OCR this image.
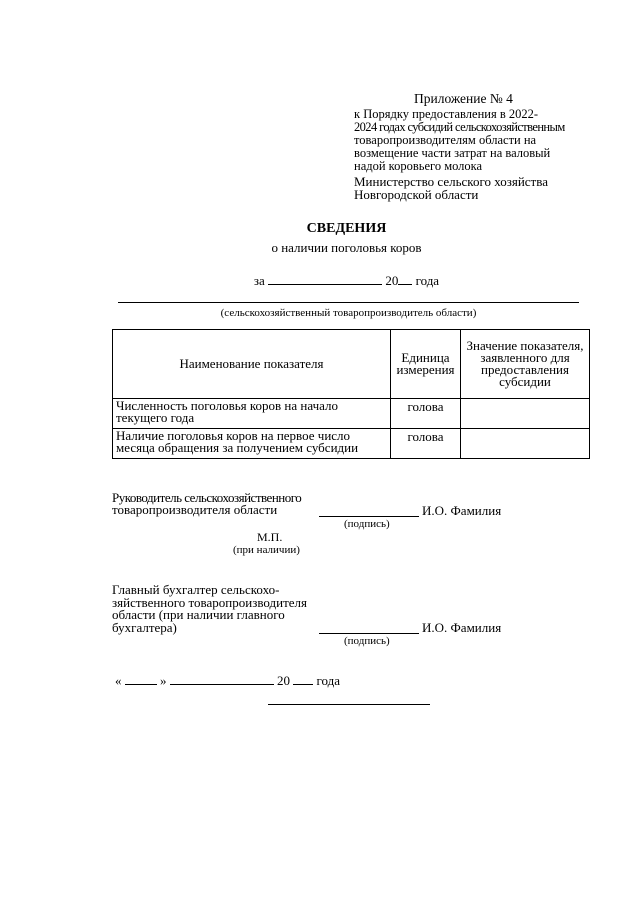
Приложение № 4
к Порядку предоставления в 2022-
2024 годах субсидий сельскохозяйственным
товаропроизводителям области на
возмещение части затрат на валовый
надой коровьего молока
Министерство сельского хозяйства
Новгородской области
СВЕДЕНИЯ
о наличии поголовья коров
за	20 года
(сельскохозяйственный товаропроизводитель области)
Наименование показателя	Единица измерения	Значение показателя, заявленного для предоставления субсидии
Численность поголовья коров на начало текущего года	голова	
Наличие поголовья коров на первое число месяца обращения за получением субсидии	голова	
Руководитель сельскохозяйственного
товаропроизводителя области
(подпись)
И.О. Фамилия
М.П.
(при наличии)
Главный бухгалтер сельскохо-
зяйственного товаропроизводителя
области (при наличии главного
бухгалтера)
(подпись)
И.О. Фамилия
«	»	20 года
